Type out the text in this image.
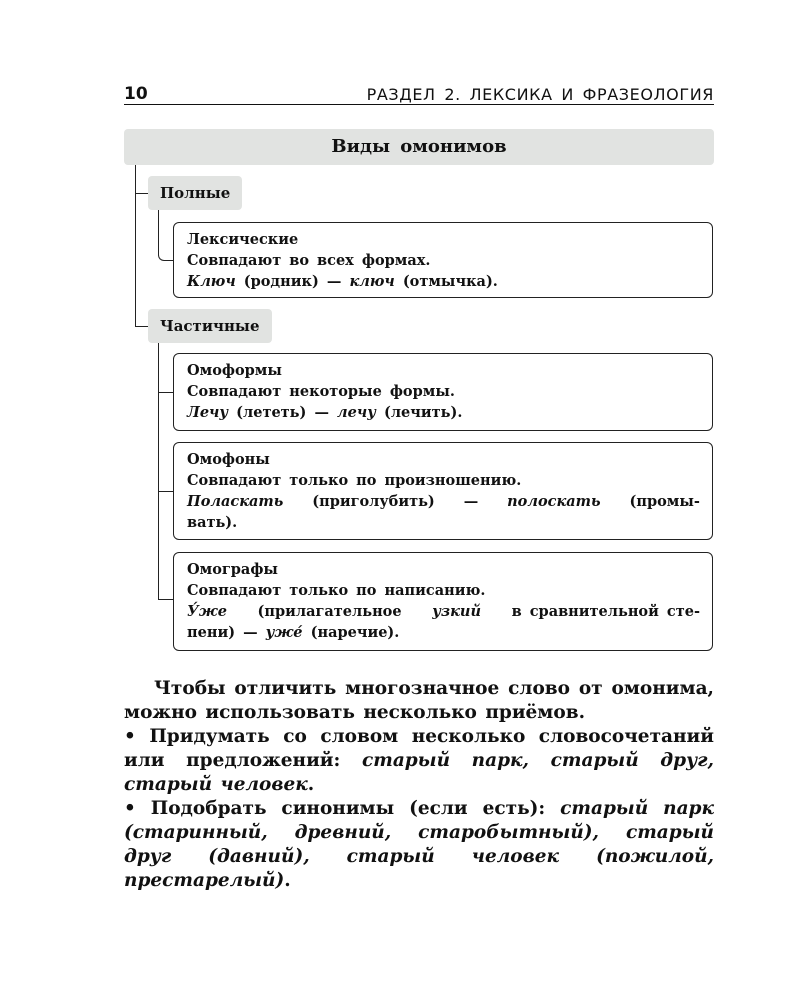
10	РАЗДЕЛ 2. ЛЕКСИКА И ФРАЗЕОЛОГИЯ
Виды омонимов
Полные
Частичные
Лексические
Совпадают во всех формах.
Ключ (родник) — ключ (отмычка).
Омоформы
Совпадают некоторые формы.
Лечу (лететь) — лечу (лечить).
Омофоны
Совпадают только по произношению.
Поласкать (приголубить) — полоскать (промы-
вать).
Омографы
Совпадают только по написанию.
У́же (прилагательное узкий в сравнительной сте-
пени) — уже́ (наречие).

Чтобы отличить многозначное слово от омонима, можно использовать несколько приёмов.

• Придумать со словом несколько словосочетаний или предложений: старый парк, старый друг, старый человек.

• Подобрать синонимы (если есть): старый парк (старинный, древний, старобытный), старый друг (давний), старый человек (пожилой, престарелый).
